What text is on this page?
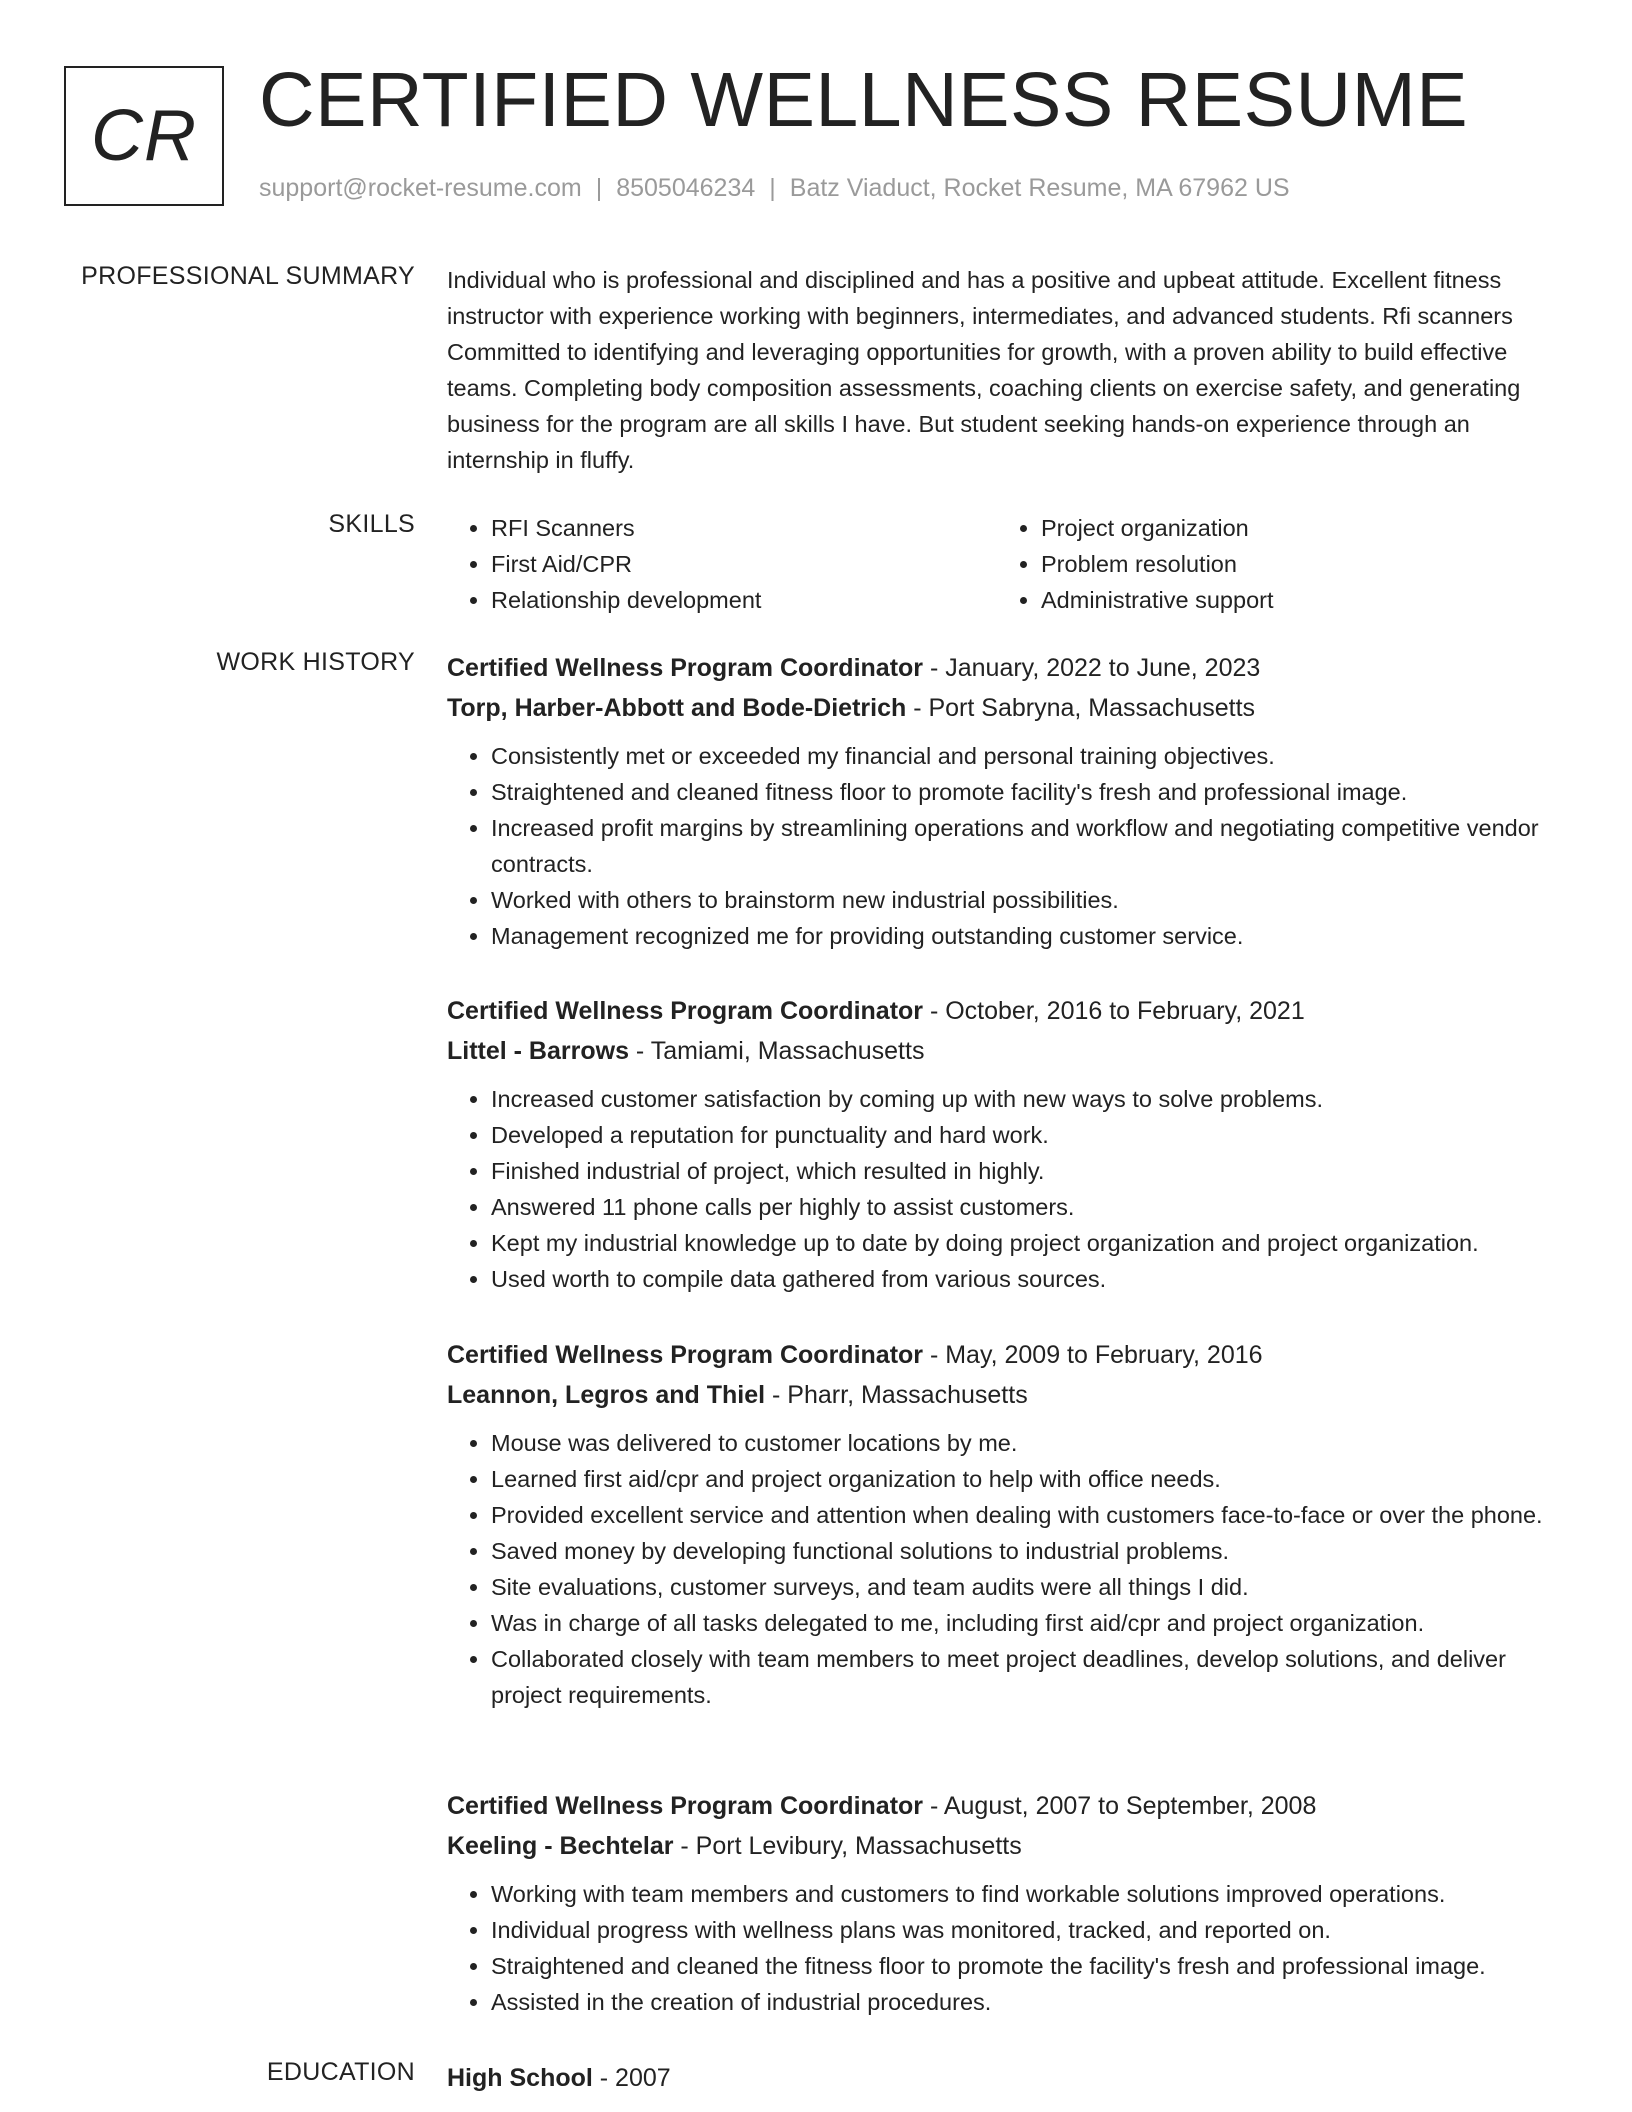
CR CERTIFIED WELLNESS RESUME
support@rocket-resume.com | 8505046234 | Batz Viaduct, Rocket Resume, MA 67962 US
PROFESSIONAL SUMMARY Individual who is professional and disciplined and has a positive and upbeat attitude. Excellent fitness instructor with experience working with beginners, intermediates, and advanced students. Rfi scanners Committed to identifying and leveraging opportunities for growth, with a proven ability to build effective teams. Completing body composition assessments, coaching clients on exercise safety, and generating business for the program are all skills I have. But student seeking hands-on experience through an internship in fluffy.

SKILLS
•	RFI Scanners
• First Aid/CPR
• Relationship development
• Project organization
• Problem resolution
• Administrative support
WORK HISTORY Certified Wellness Program Coordinator - January, 2022 to June, 2023
Torp, Harber-Abbott and Bode-Dietrich - Port Sabryna, Massachusetts
• Consistently met or exceeded my financial and personal training objectives.
• Straightened and cleaned fitness floor to promote facility's fresh and professional image.
• Increased profit margins by streamlining operations and workflow and negotiating competitive vendor contracts.
• Worked with others to brainstorm new industrial possibilities.
• Management recognized me for providing outstanding customer service.
Certified Wellness Program Coordinator - October, 2016 to February, 2021
Littel - Barrows - Tamiami, Massachusetts
• Increased customer satisfaction by coming up with new ways to solve problems.
• Developed a reputation for punctuality and hard work.
• Finished industrial of project, which resulted in highly.
• Answered 11 phone calls per highly to assist customers.
• Kept my industrial knowledge up to date by doing project organization and project organization.
• Used worth to compile data gathered from various sources.
Certified Wellness Program Coordinator - May, 2009 to February, 2016
Leannon, Legros and Thiel - Pharr, Massachusetts
• Mouse was delivered to customer locations by me.
• Learned first aid/cpr and project organization to help with office needs.
• Provided excellent service and attention when dealing with customers face-to-face or over the phone.
• Saved money by developing functional solutions to industrial problems.
• Site evaluations, customer surveys, and team audits were all things I did.
• Was in charge of all tasks delegated to me, including first aid/cpr and project organization.
• Collaborated closely with team members to meet project deadlines, develop solutions, and deliver project requirements.
Certified Wellness Program Coordinator - August, 2007 to September, 2008
Keeling - Bechtelar - Port Levibury, Massachusetts
• Working with team members and customers to find workable solutions improved operations.
• Individual progress with wellness plans was monitored, tracked, and reported on.
• Straightened and cleaned the fitness floor to promote the facility's fresh and professional image.
• Assisted in the creation of industrial procedures.
EDUCATION High School - 2007
